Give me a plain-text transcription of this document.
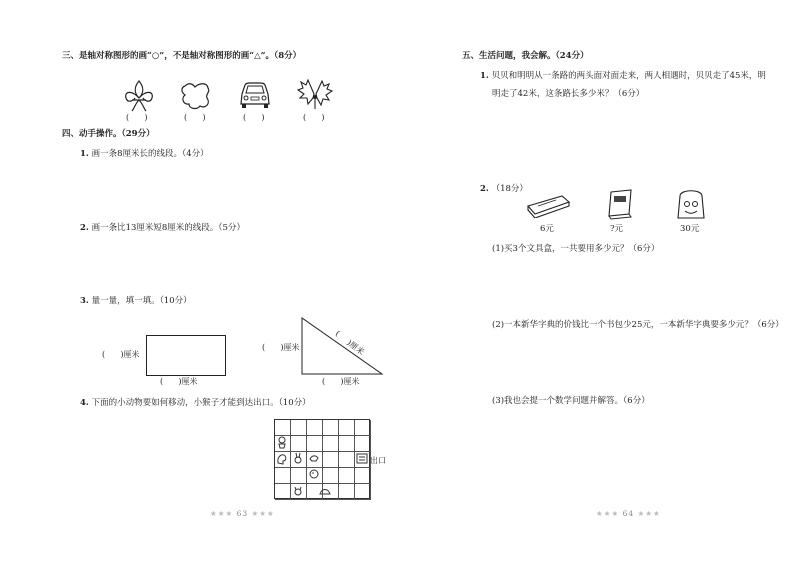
三、是轴对称图形的画“○”，不是轴对称图形的画“△”。（8分）
(      )	(      )	(      )	(      )
四、动手操作。（29分）
1. 画一条8厘米长的线段。（4分）
2. 画一条比13厘米短8厘米的线段。（5分）
3. 量一量，填一填。（10分）
(      )厘米
(      )厘米
(      )厘米
(      )厘米
(
)厘米
4. 下面的小动物要如何移动，小猴子才能到达出口。（10分）
出口
★★★ 63 ★★★
五、生活问题，我会解。（24分）
1. 贝贝和明明从一条路的两头面对面走来，两人相遇时，贝贝走了45米，明
明走了42米，这条路长多少米？（6分）
2. （18分）
6元	?元	30元
(1)买3个文具盒，一共要用多少元？（6分）
(2)一本新华字典的价钱比一个书包少25元，一本新华字典要多少元？（6分）
(3)我也会提一个数学问题并解答。（6分）
★★★ 64 ★★★
